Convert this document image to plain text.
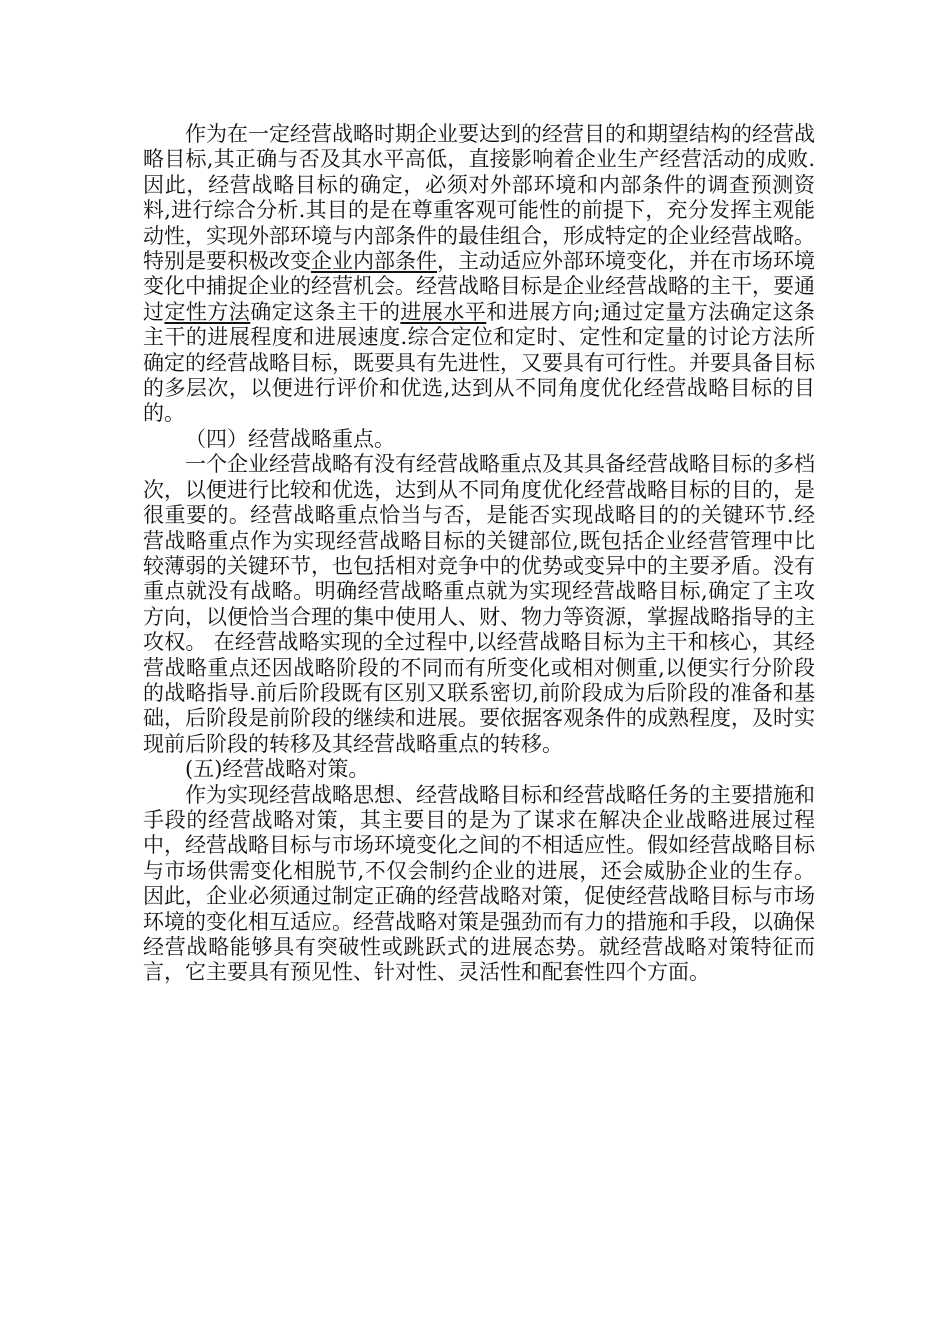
作为在一定经营战略时期企业要达到的经营目的和期望结构的经营战略目标,其正确与否及其水平高低，直接影响着企业生产经营活动的成败.因此，经营战略目标的确定，必须对外部环境和内部条件的调查预测资料,进行综合分析.其目的是在尊重客观可能性的前提下，充分发挥主观能动性，实现外部环境与内部条件的最佳组合，形成特定的企业经营战略。特别是要积极改变企业内部条件，主动适应外部环境变化，并在市场环境变化中捕捉企业的经营机会。经营战略目标是企业经营战略的主干，要通过定性方法确定这条主干的进展水平和进展方向;通过定量方法确定这条主干的进展程度和进展速度.综合定位和定时、定性和定量的讨论方法所确定的经营战略目标，既要具有先进性，又要具有可行性。并要具备目标的多层次，以便进行评价和优选,达到从不同角度优化经营战略目标的目的。

（四）经营战略重点。

一个企业经营战略有没有经营战略重点及其具备经营战略目标的多档次，以便进行比较和优选，达到从不同角度优化经营战略目标的目的，是很重要的。经营战略重点恰当与否，是能否实现战略目的的关键环节.经营战略重点作为实现经营战略目标的关键部位,既包括企业经营管理中比较薄弱的关键环节，也包括相对竞争中的优势或变异中的主要矛盾。没有重点就没有战略。明确经营战略重点就为实现经营战略目标,确定了主攻方向，以便恰当合理的集中使用人、财、物力等资源，掌握战略指导的主攻权。 在经营战略实现的全过程中,以经营战略目标为主干和核心，其经营战略重点还因战略阶段的不同而有所变化或相对侧重,以便实行分阶段的战略指导.前后阶段既有区别又联系密切,前阶段成为后阶段的准备和基础，后阶段是前阶段的继续和进展。要依据客观条件的成熟程度，及时实现前后阶段的转移及其经营战略重点的转移。

(五)经营战略对策。

作为实现经营战略思想、经营战略目标和经营战略任务的主要措施和手段的经营战略对策，其主要目的是为了谋求在解决企业战略进展过程中，经营战略目标与市场环境变化之间的不相适应性。假如经营战略目标与市场供需变化相脱节,不仅会制约企业的进展，还会威胁企业的生存。因此，企业必须通过制定正确的经营战略对策，促使经营战略目标与市场环境的变化相互适应。经营战略对策是强劲而有力的措施和手段，以确保经营战略能够具有突破性或跳跃式的进展态势。就经营战略对策特征而言，它主要具有预见性、针对性、灵活性和配套性四个方面。
